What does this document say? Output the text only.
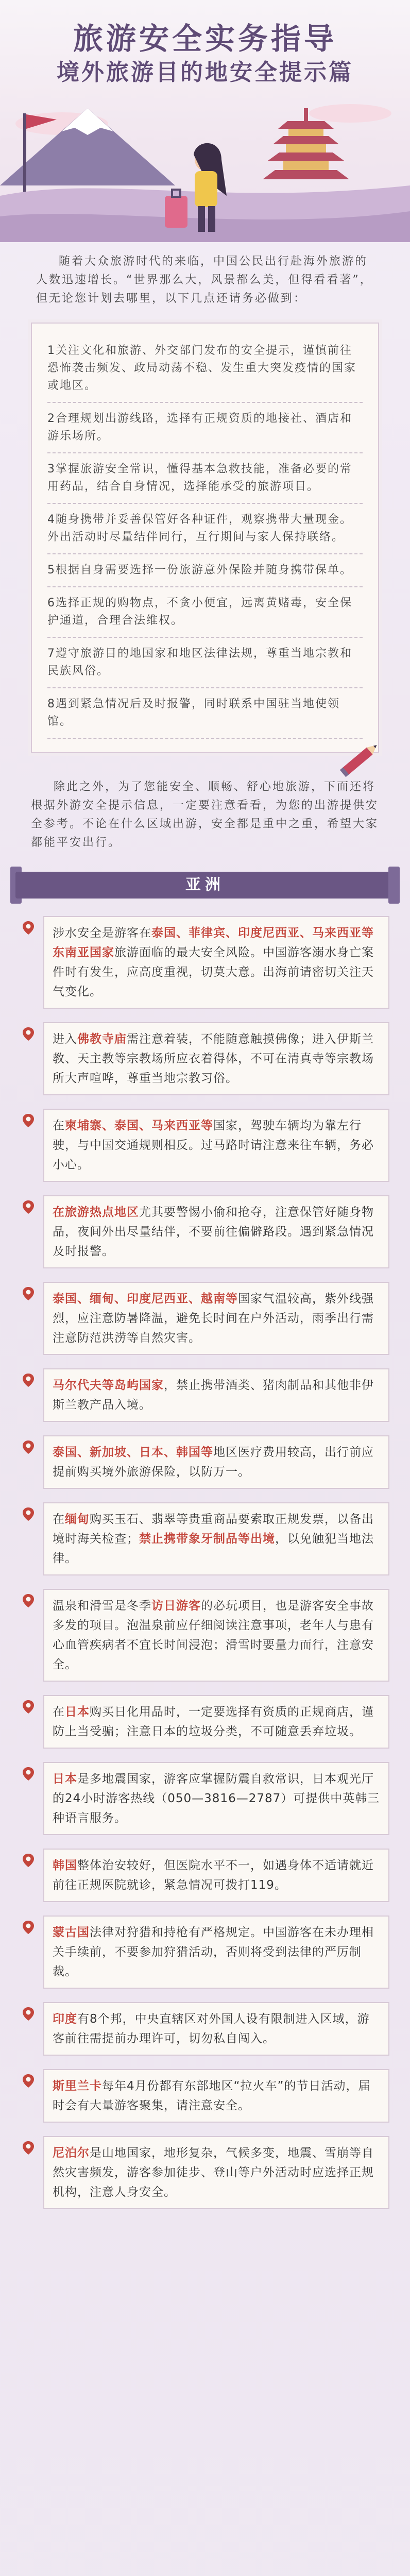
旅游安全实务指导
境外旅游目的地安全提示篇

随着大众旅游时代的来临，中国公民出行赴海外旅游的人数迅速增长。“世界那么大，风景都么美，但得看看著”，但无论您计划去哪里，以下几点还请务必做到：

1关注文化和旅游、外交部门发布的安全提示，谨慎前往恐怖袭击频发、政局动荡不稳、发生重大突发疫情的国家或地区。
2合理规划出游线路，选择有正规资质的地接社、酒店和游乐场所。
3掌握旅游安全常识，懂得基本急救技能，准备必要的常用药品，结合自身情况，选择能承受的旅游项目。
4随身携带并妥善保管好各种证件，观察携带大量现金。外出活动时尽量结伴同行，互行期间与家人保持联络。
5根据自身需要选择一份旅游意外保险并随身携带保单。
6选择正规的购物点，不贪小便宜，远离黄赌毒，安全保护通道，合理合法维权。
7遵守旅游目的地国家和地区法律法规，尊重当地宗教和民族风俗。
8遇到紧急情况后及时报警，同时联系中国驻当地使领馆。

除此之外，为了您能安全、顺畅、舒心地旅游，下面还将根据外游安全提示信息，一定要注意看看，为您的出游提供安全参考。不论在什么区域出游，安全都是重中之重，希望大家都能平安出行。

亚洲
涉水安全是游客在泰国、菲律宾、印度尼西亚、马来西亚等东南亚国家旅游面临的最大安全风险。中国游客溺水身亡案件时有发生，应高度重视，切莫大意。出海前请密切关注天气变化。
进入佛教寺庙需注意着装，不能随意触摸佛像；进入伊斯兰教、天主教等宗教场所应衣着得体，不可在清真寺等宗教场所大声喧哗，尊重当地宗教习俗。
在柬埔寨、泰国、马来西亚等国家，驾驶车辆均为靠左行驶，与中国交通规则相反。过马路时请注意来往车辆，务必小心。
在旅游热点地区尤其要警惕小偷和抢夺，注意保管好随身物品，夜间外出尽量结伴，不要前往偏僻路段。遇到紧急情况及时报警。
泰国、缅甸、印度尼西亚、越南等国家气温较高，紫外线强烈，应注意防暑降温，避免长时间在户外活动，雨季出行需注意防范洪涝等自然灾害。
马尔代夫等岛屿国家，禁止携带酒类、猪肉制品和其他非伊斯兰教产品入境。
泰国、新加坡、日本、韩国等地区医疗费用较高，出行前应提前购买境外旅游保险，以防万一。
在缅甸购买玉石、翡翠等贵重商品要索取正规发票，以备出境时海关检查；禁止携带象牙制品等出境，以免触犯当地法律。
温泉和滑雪是冬季访日游客的必玩项目，也是游客安全事故多发的项目。泡温泉前应仔细阅读注意事项，老年人与患有心血管疾病者不宜长时间浸泡；滑雪时要量力而行，注意安全。
在日本购买日化用品时，一定要选择有资质的正规商店，谨防上当受骗；注意日本的垃圾分类，不可随意丢弃垃圾。
日本是多地震国家，游客应掌握防震自救常识，日本观光厅的24小时游客热线（050—3816—2787）可提供中英韩三种语言服务。
韩国整体治安较好，但医院水平不一，如遇身体不适请就近前往正规医院就诊，紧急情况可拨打119。
蒙古国法律对狩猎和持枪有严格规定。中国游客在未办理相关手续前，不要参加狩猎活动，否则将受到法律的严厉制裁。
印度有8个邦，中央直辖区对外国人设有限制进入区域，游客前往需提前办理许可，切勿私自闯入。
斯里兰卡每年4月份都有东部地区“拉火车”的节日活动，届时会有大量游客聚集，请注意安全。
尼泊尔是山地国家，地形复杂，气候多变，地震、雪崩等自然灾害频发，游客参加徒步、登山等户外活动时应选择正规机构，注意人身安全。
